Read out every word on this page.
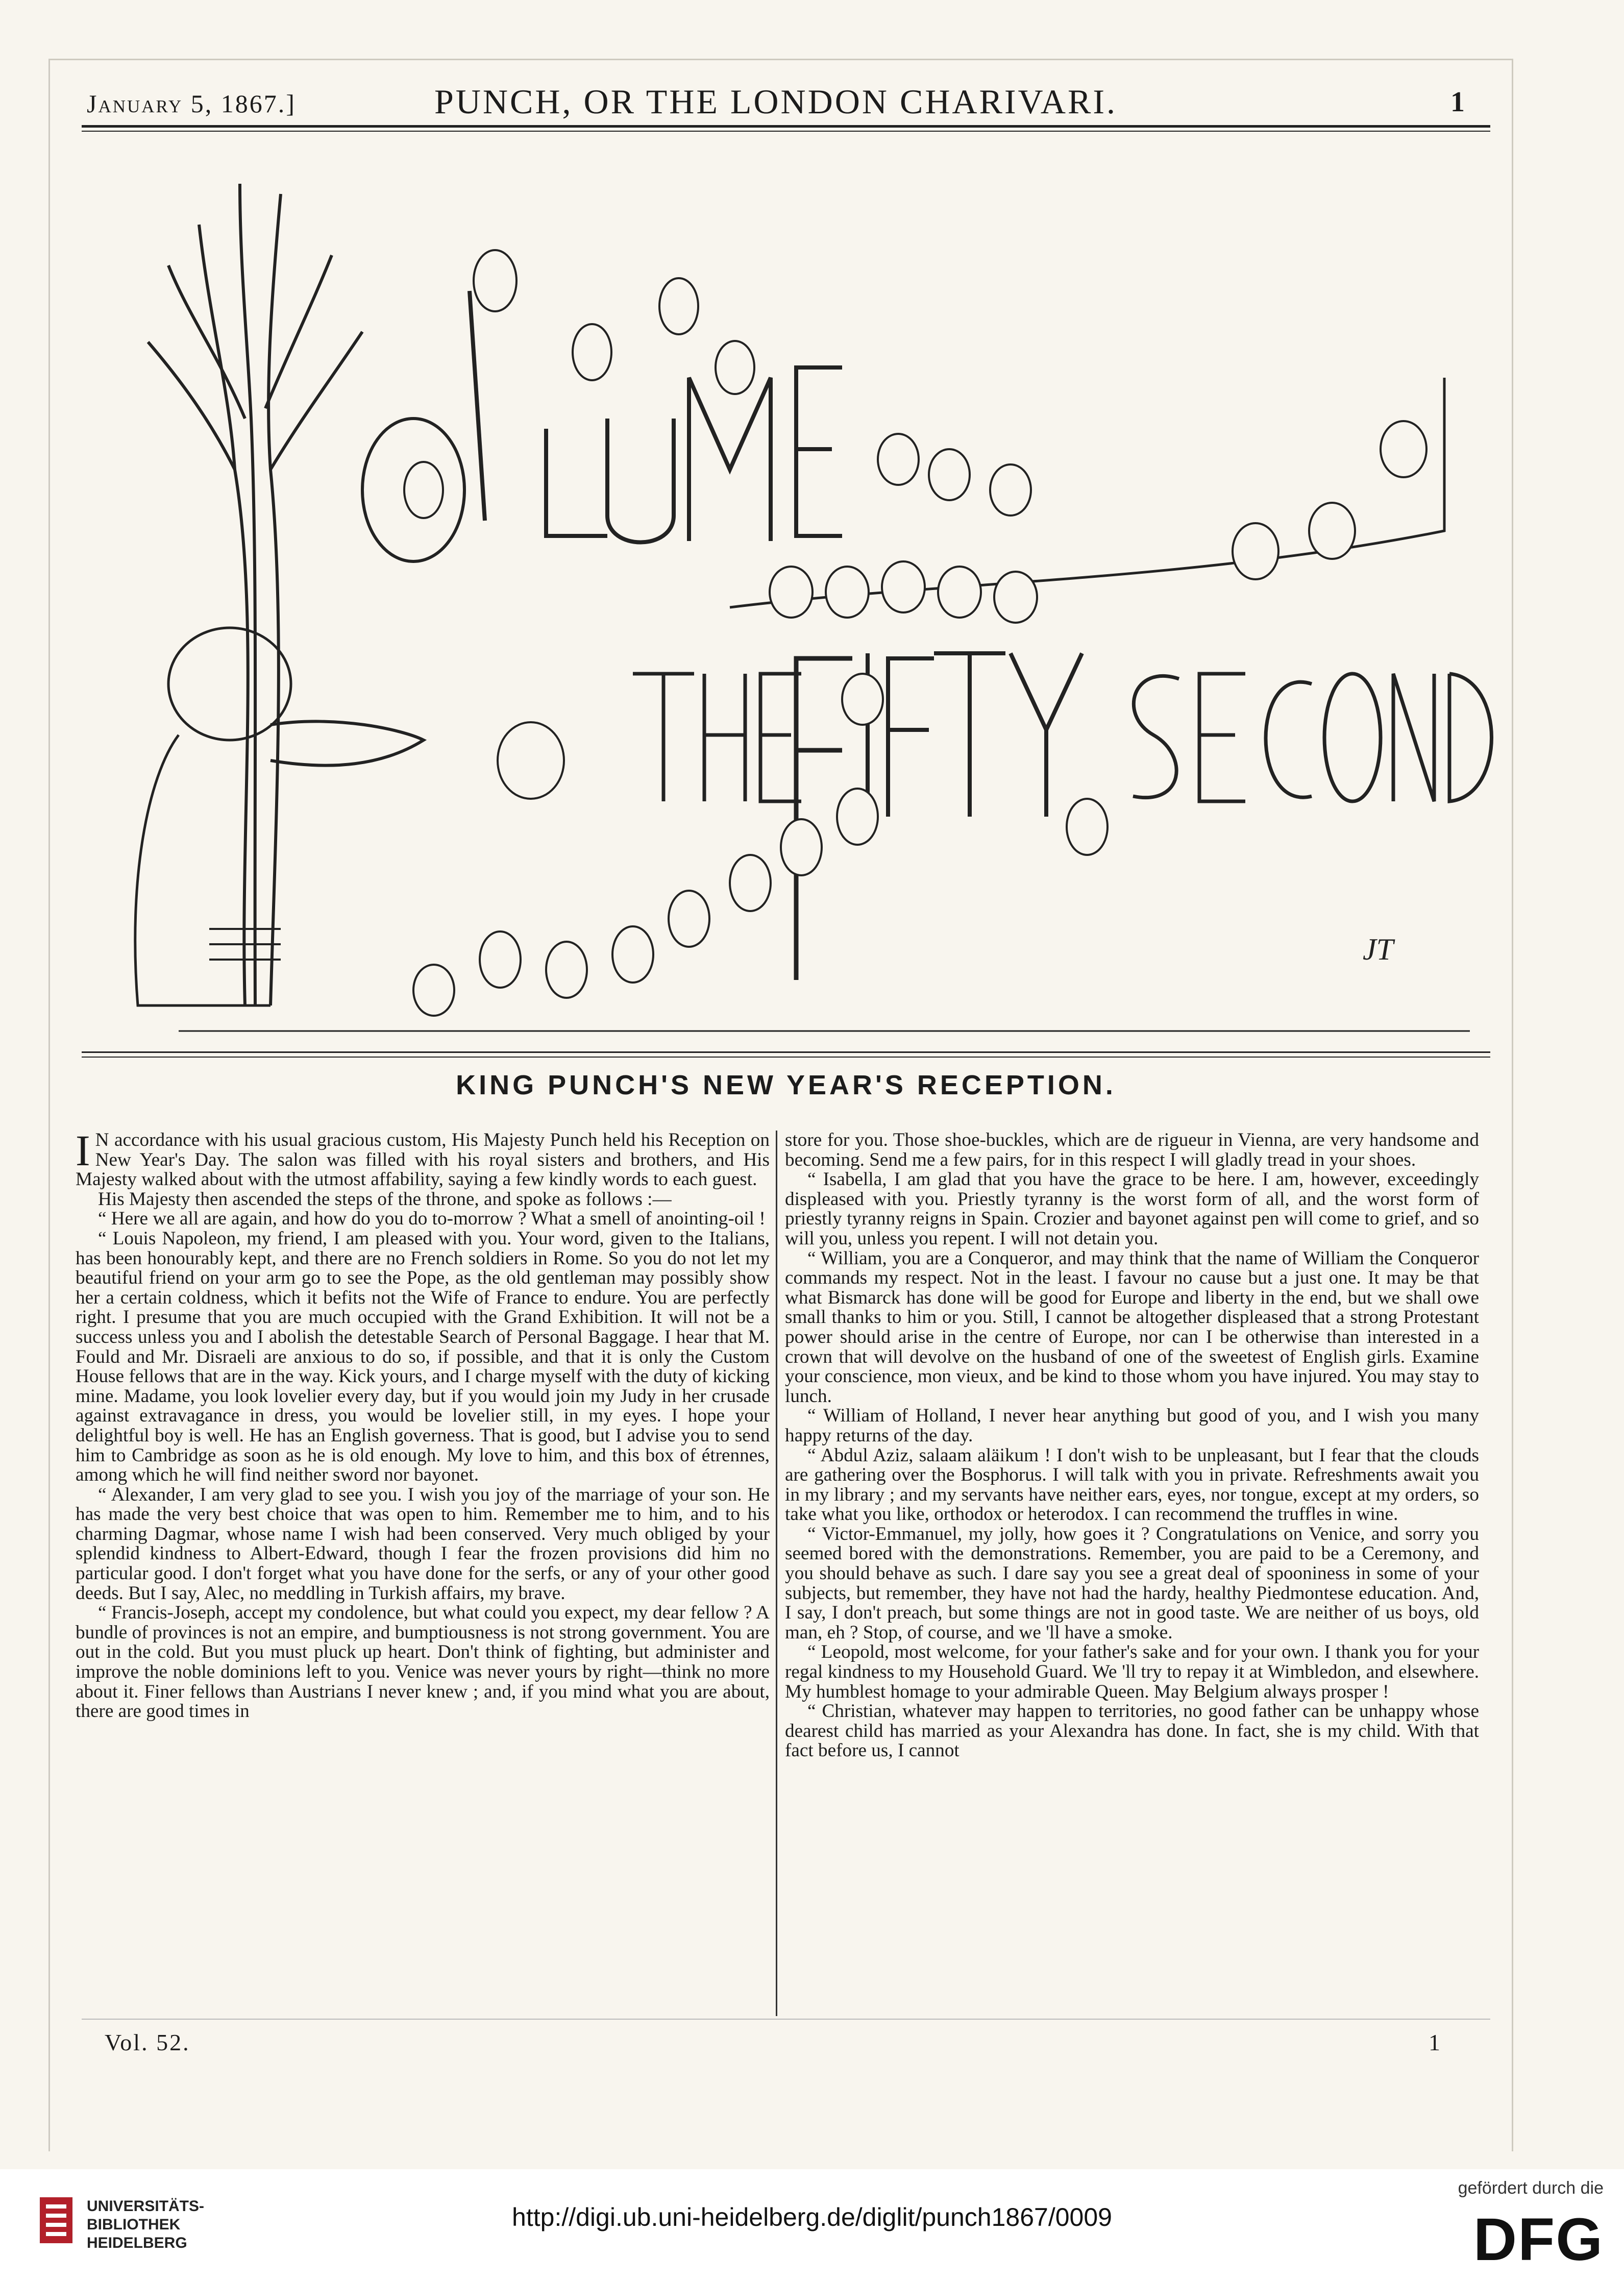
January 5, 1867.]	PUNCH, OR THE LONDON CHARIVARI.	1
JT
KING PUNCH'S NEW YEAR'S RECEPTION.

I N accordance with his usual gracious custom, His Majesty Punch held his Reception on New Year's Day. The salon was filled with his royal sisters and brothers, and His Majesty walked about with the utmost affability, saying a few kindly words to each guest.

His Majesty then ascended the steps of the throne, and spoke as follows :—

“ Here we all are again, and how do you do to-morrow ? What a smell of anointing-oil !

“ Louis Napoleon, my friend, I am pleased with you. Your word, given to the Italians, has been honourably kept, and there are no French soldiers in Rome. So you do not let my beautiful friend on your arm go to see the Pope, as the old gentleman may possibly show her a certain coldness, which it befits not the Wife of France to endure. You are perfectly right. I presume that you are much occupied with the Grand Exhibition. It will not be a success unless you and I abolish the detestable Search of Personal Baggage. I hear that M. Fould and Mr. Disraeli are anxious to do so, if possible, and that it is only the Custom House fellows that are in the way. Kick yours, and I charge myself with the duty of kicking mine. Madame, you look lovelier every day, but if you would join my Judy in her crusade against extravagance in dress, you would be lovelier still, in my eyes. I hope your delightful boy is well. He has an English governess. That is good, but I advise you to send him to Cambridge as soon as he is old enough. My love to him, and this box of étrennes, among which he will find neither sword nor bayonet.

“ Alexander, I am very glad to see you. I wish you joy of the marriage of your son. He has made the very best choice that was open to him. Remember me to him, and to his charming Dagmar, whose name I wish had been conserved. Very much obliged by your splendid kindness to Albert-Edward, though I fear the frozen provisions did him no particular good. I don't forget what you have done for the serfs, or any of your other good deeds. But I say, Alec, no meddling in Turkish affairs, my brave.

“ Francis-Joseph, accept my condolence, but what could you expect, my dear fellow ? A bundle of provinces is not an empire, and bumptiousness is not strong government. You are out in the cold. But you must pluck up heart. Don't think of fighting, but administer and improve the noble dominions left to you. Venice was never yours by right—think no more about it. Finer fellows than Austrians I never knew ; and, if you mind what you are about, there are good times in

store for you. Those shoe-buckles, which are de rigueur in Vienna, are very handsome and becoming. Send me a few pairs, for in this respect I will gladly tread in your shoes.

“ Isabella, I am glad that you have the grace to be here. I am, however, exceedingly displeased with you. Priestly tyranny is the worst form of all, and the worst form of priestly tyranny reigns in Spain. Crozier and bayonet against pen will come to grief, and so will you, unless you repent. I will not detain you.

“ William, you are a Conqueror, and may think that the name of William the Conqueror commands my respect. Not in the least. I favour no cause but a just one. It may be that what Bismarck has done will be good for Europe and liberty in the end, but we shall owe small thanks to him or you. Still, I cannot be altogether displeased that a strong Protestant power should arise in the centre of Europe, nor can I be otherwise than interested in a crown that will devolve on the husband of one of the sweetest of English girls. Examine your conscience, mon vieux, and be kind to those whom you have injured. You may stay to lunch.

“ William of Holland, I never hear anything but good of you, and I wish you many happy returns of the day.

“ Abdul Aziz, salaam aläikum ! I don't wish to be unpleasant, but I fear that the clouds are gathering over the Bosphorus. I will talk with you in private. Refreshments await you in my library ; and my servants have neither ears, eyes, nor tongue, except at my orders, so take what you like, orthodox or heterodox. I can recommend the truffles in wine.

“ Victor-Emmanuel, my jolly, how goes it ? Congratulations on Venice, and sorry you seemed bored with the demonstrations. Remember, you are paid to be a Ceremony, and you should behave as such. I dare say you see a great deal of spooniness in some of your subjects, but remember, they have not had the hardy, healthy Piedmontese education. And, I say, I don't preach, but some things are not in good taste. We are neither of us boys, old man, eh ? Stop, of course, and we 'll have a smoke.

“ Leopold, most welcome, for your father's sake and for your own. I thank you for your regal kindness to my Household Guard. We 'll try to repay it at Wimbledon, and elsewhere. My humblest homage to your admirable Queen. May Belgium always prosper !

“ Christian, whatever may happen to territories, no good father can be unhappy whose dearest child has married as your Alexandra has done. In fact, she is my child. With that fact before us, I cannot

Vol. 52.	1
UNIVERSITÄTS-
BIBLIOTHEK
HEIDELBERG
http://digi.ub.uni-heidelberg.de/diglit/punch1867/0009
gefördert durch die
DFG
